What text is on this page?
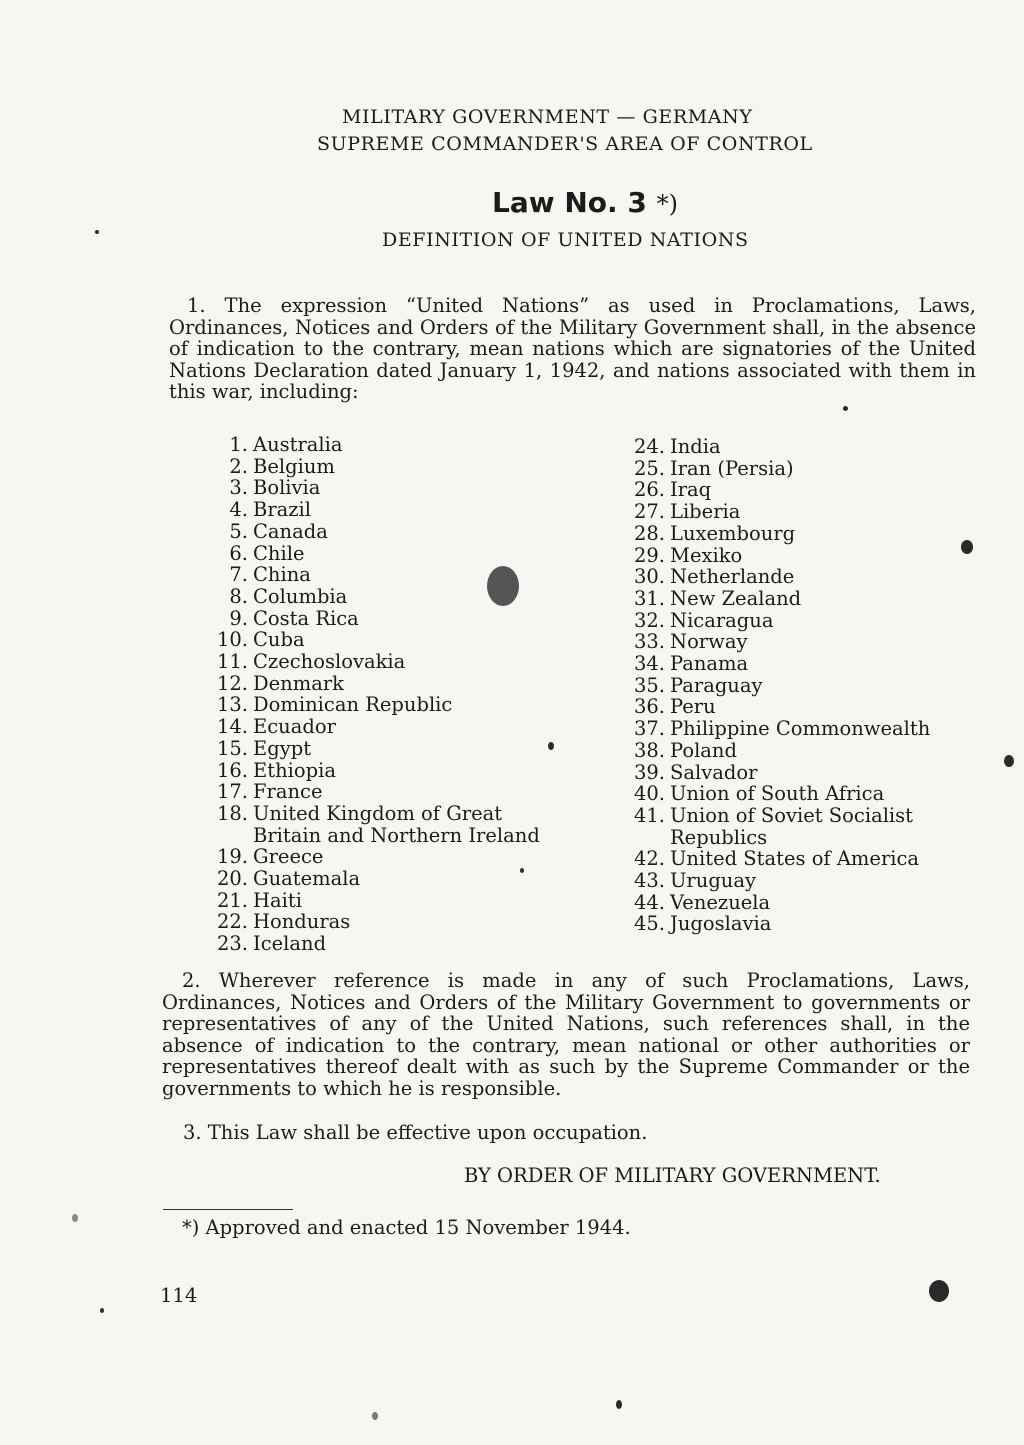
MILITARY GOVERNMENT — GERMANY
SUPREME COMMANDER'S AREA OF CONTROL
Law No. 3 *)
DEFINITION OF UNITED NATIONS

1. The expression “United Nations” as used in Proclamations, Laws, Ordinances, Notices and Orders of the Military Government shall, in the absence of indication to the contrary, mean nations which are signatories of the United Nations Declaration dated January 1, 1942, and nations associated with them in this war, including:

1. Australia
2. Belgium
3. Bolivia
4. Brazil
5. Canada
6. Chile
7. China
8. Columbia
9. Costa Rica
10. Cuba
11. Czechoslovakia
12. Denmark
13. Dominican Republic
14. Ecuador
15. Egypt
16. Ethiopia
17. France
18. United Kingdom of Great Britain and Northern Ireland
19. Greece
20. Guatemala
21. Haiti
22. Honduras
23. Iceland
24. India
25. Iran (Persia)
26. Iraq
27. Liberia
28. Luxembourg
29. Mexiko
30. Netherlande
31. New Zealand
32. Nicaragua
33. Norway
34. Panama
35. Paraguay
36. Peru
37. Philippine Commonwealth
38. Poland
39. Salvador
40. Union of South Africa
41. Union of Soviet Socialist Republics
42. United States of America
43. Uruguay
44. Venezuela
45. Jugoslavia

2. Wherever reference is made in any of such Proclamations, Laws, Ordinances, Notices and Orders of the Military Government to governments or representatives of any of the United Nations, such references shall, in the absence of indication to the contrary, mean national or other authorities or representatives thereof dealt with as such by the Supreme Commander or the governments to which he is responsible.

3. This Law shall be effective upon occupation.
BY ORDER OF MILITARY GOVERNMENT.
*) Approved and enacted 15 November 1944.
114
